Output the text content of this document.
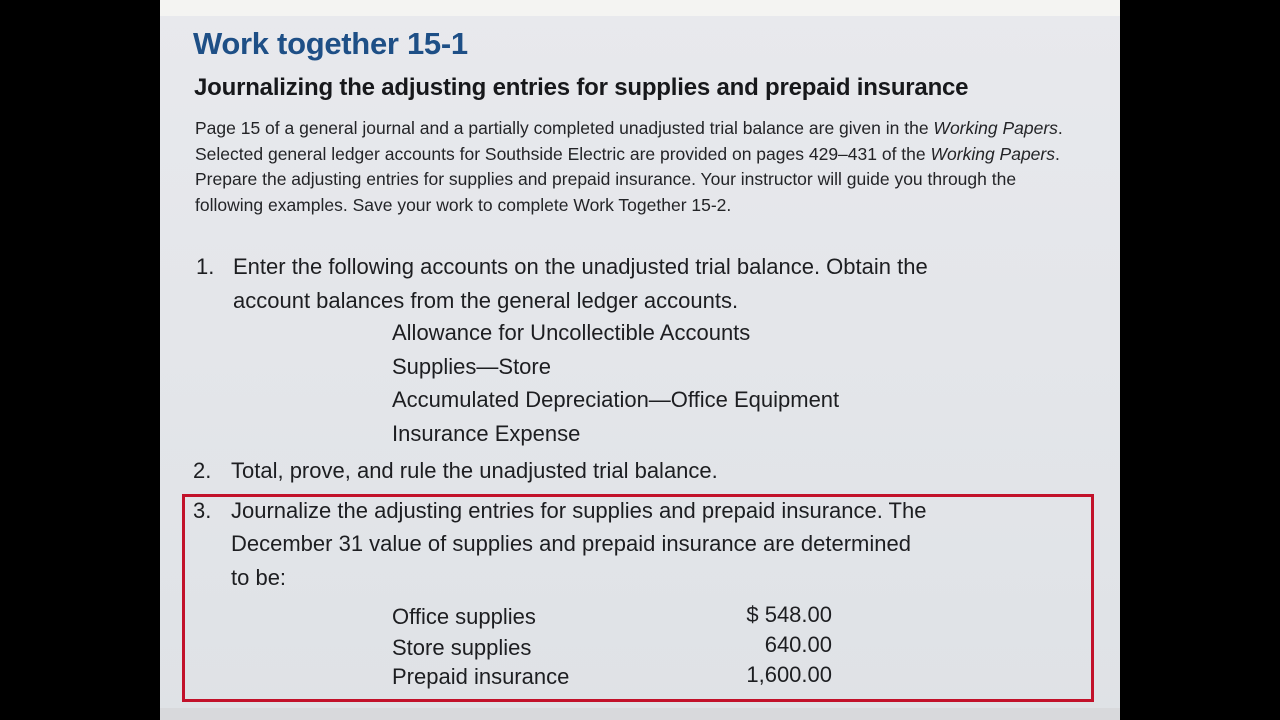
Work together 15-1
Journalizing the adjusting entries for supplies and prepaid insurance

Page 15 of a general journal and a partially completed unadjusted trial balance are given in the Working Papers. Selected general ledger accounts for Southside Electric are provided on pages 429–431 of the Working Papers. Prepare the adjusting entries for supplies and prepaid insurance. Your instructor will guide you through the following examples. Save your work to complete Work Together 15-2.

1. Enter the following accounts on the unadjusted trial balance. Obtain the
account balances from the general ledger accounts.
Allowance for Uncollectible Accounts
Supplies—Store
Accumulated Depreciation—Office Equipment
Insurance Expense
2. Total, prove, and rule the unadjusted trial balance.
3. Journalize the adjusting entries for supplies and prepaid insurance. The
December 31 value of supplies and prepaid insurance are determined
to be:
Office supplies	$ 548.00
Store supplies	640.00
Prepaid insurance	1,600.00
